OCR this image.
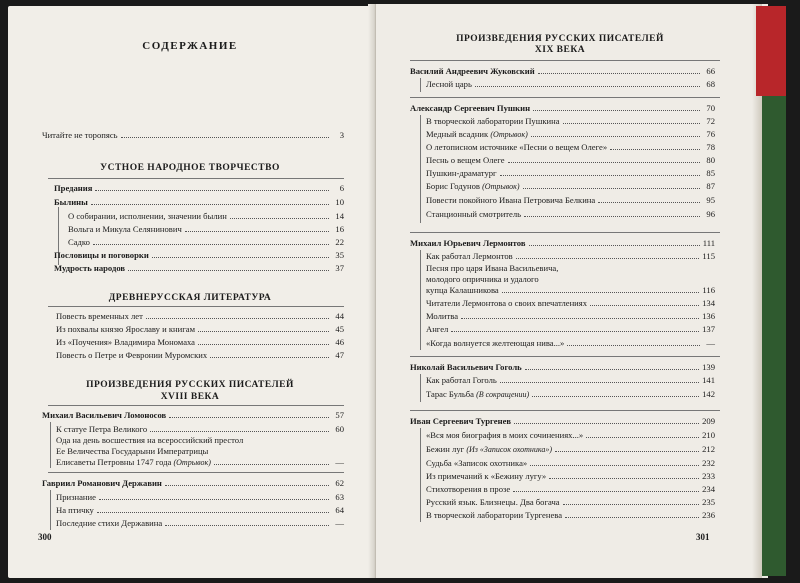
СОДЕРЖАНИЕ
Читайте не торопясь	3
УСТНОЕ НАРОДНОЕ ТВОРЧЕСТВО
Предания	6
Былины	10
О собирании, исполнении, значении былин	14
Вольга и Микула Селянинович	16
Садко	22
Пословицы и поговорки	35
Мудрость народов	37
ДРЕВНЕРУССКАЯ ЛИТЕРАТУРА
Повесть временных лет	44
Из похвалы князю Ярославу и книгам	45
Из «Поучения» Владимира Мономаха	46
Повесть о Петре и Февронии Муромских	47
ПРОИЗВЕДЕНИЯ РУССКИХ ПИСАТЕЛЕЙ
XVIII ВЕКА
Михаил Васильевич Ломоносов	57
К статуе Петра Великого	60
Ода на день восшествия на всероссийский престол
Ее Величества Государыни Императрицы
Елисаветы Петровны 1747 года (Отрывок)	—
Гавриил Романович Державин	62
Признание	63
На птичку	64
Последние стихи Державина	—
300
ПРОИЗВЕДЕНИЯ РУССКИХ ПИСАТЕЛЕЙ
XIX ВЕКА
Василий Андреевич Жуковский	66
Лесной царь	68
Александр Сергеевич Пушкин	70
В творческой лаборатории Пушкина	72
Медный всадник (Отрывок)	76
О летописном источнике «Песни о вещем Олеге»	78
Песнь о вещем Олеге	80
Пушкин-драматург	85
Борис Годунов (Отрывок)	87
Повести покойного Ивана Петровича Белкина	95
Станционный смотритель	96
Михаил Юрьевич Лермонтов	111
Как работал Лермонтов	115
Песня про царя Ивана Васильевича,
молодого опричника и удалого
купца Калашникова	116
Читатели Лермонтова о своих впечатлениях	134
Молитва	136
Ангел	137
«Когда волнуется желтеющая нива...»	—
Николай Васильевич Гоголь	139
Как работал Гоголь	141
Тарас Бульба (В сокращении)	142
Иван Сергеевич Тургенев	209
«Вся моя биография в моих сочинениях...»	210
Бежин луг (Из «Записок охотника»)	212
Судьба «Записок охотника»	232
Из примечаний к «Бежину лугу»	233
Стихотворения в прозе	234
Русский язык. Близнецы. Два богача	235
В творческой лаборатории Тургенева	236
301
